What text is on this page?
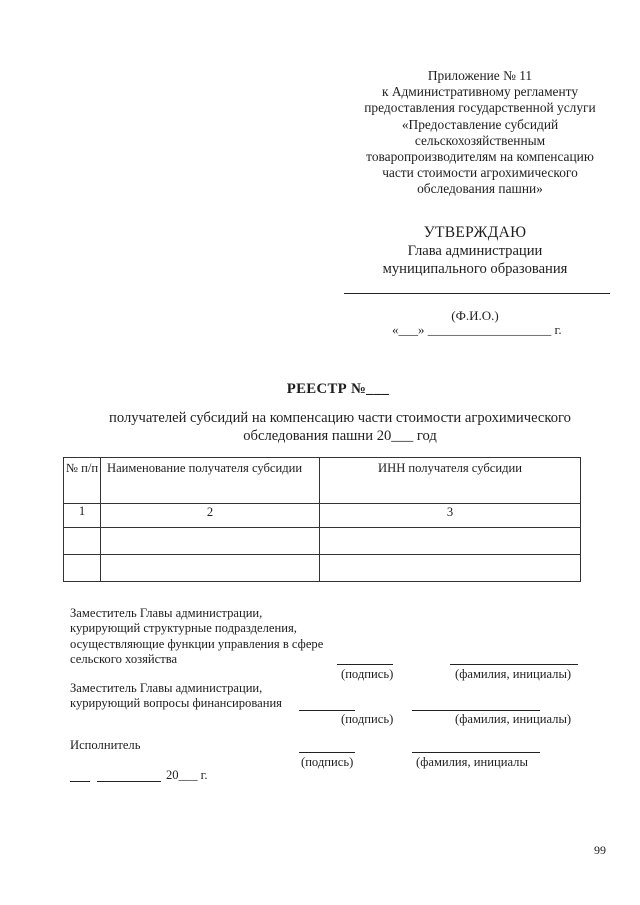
Приложение № 11
к Административному регламенту
предоставления государственной услуги
«Предоставление субсидий
сельскохозяйственным
товаропроизводителям на компенсацию
части стоимости агрохимического
обследования пашни»
УТВЕРЖДАЮ
Глава администрации
муниципального образования
(Ф.И.О.)
«___» ___________________ г.
РЕЕСТР №___
получателей субсидий на компенсацию части стоимости агрохимического
обследования пашни 20___ год
№ п/п	Наименование получателя субсидии	ИНН получателя субсидии
1	2	3

Заместитель Главы администрации,
курирующий структурные подразделения,
осуществляющие функции управления в сфере
сельского хозяйства
(подпись)	(фамилия, инициалы)
Заместитель Главы администрации,
курирующий вопросы финансирования
(подпись)	(фамилия, инициалы)
Исполнитель
(подпись)	(фамилия, инициалы
20___ г.
99
